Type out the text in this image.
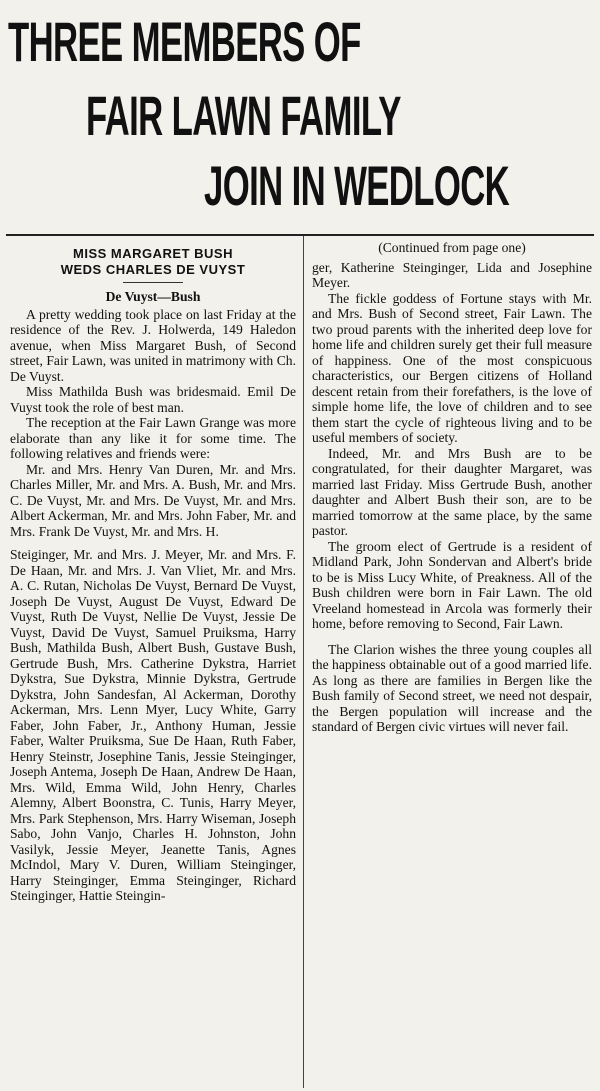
THREE MEMBERS OF
FAIR LAWN FAMILY
JOIN IN WEDLOCK
MISS MARGARET BUSH
WEDS CHARLES DE VUYST

De Vuyst—Bush

A pretty wedding took place on last Friday at the residence of the Rev. J. Holwerda, 149 Haledon avenue, when Miss Margaret Bush, of Second street, Fair Lawn, was united in matrimony with Ch. De Vuyst.

Miss Mathilda Bush was bridesmaid. Emil De Vuyst took the role of best man.

The reception at the Fair Lawn Grange was more elaborate than any like it for some time. The following relatives and friends were:

Mr. and Mrs. Henry Van Duren, Mr. and Mrs. Charles Miller, Mr. and Mrs. A. Bush, Mr. and Mrs. C. De Vuyst, Mr. and Mrs. De Vuyst, Mr. and Mrs. Albert Ackerman, Mr. and Mrs. John Faber, Mr. and Mrs. Frank De Vuyst, Mr. and Mrs. H.

Steiginger, Mr. and Mrs. J. Meyer, Mr. and Mrs. F. De Haan, Mr. and Mrs. J. Van Vliet, Mr. and Mrs. A. C. Rutan, Nicholas De Vuyst, Bernard De Vuyst, Joseph De Vuyst, August De Vuyst, Edward De Vuyst, Ruth De Vuyst, Nellie De Vuyst, Jessie De Vuyst, David De Vuyst, Samuel Pruiksma, Harry Bush, Mathilda Bush, Albert Bush, Gustave Bush, Gertrude Bush, Mrs. Catherine Dykstra, Harriet Dykstra, Sue Dykstra, Minnie Dykstra, Gertrude Dykstra, John Sandesfan, Al Ackerman, Dorothy Ackerman, Mrs. Lenn Myer, Lucy White, Garry Faber, John Faber, Jr., Anthony Human, Jessie Faber, Walter Pruiksma, Sue De Haan, Ruth Faber, Henry Steinstr, Josephine Tanis, Jessie Steinginger, Joseph Antema, Joseph De Haan, Andrew De Haan, Mrs. Wild, Emma Wild, John Henry, Charles Alemny, Albert Boonstra, C. Tunis, Harry Meyer, Mrs. Park Stephenson, Mrs. Harry Wiseman, Joseph Sabo, John Vanjo, Charles H. Johnston, John Vasilyk, Jessie Meyer, Jeanette Tanis, Agnes McIndol, Mary V. Duren, William Steinginger, Harry Steinginger, Emma Steinginger, Richard Steinginger, Hattie Steingin-

(Continued from page one)

ger, Katherine Steinginger, Lida and Josephine Meyer.

The fickle goddess of Fortune stays with Mr. and Mrs. Bush of Second street, Fair Lawn. The two proud parents with the inherited deep love for home life and children surely get their full measure of happiness. One of the most conspicuous characteristics, our Bergen citizens of Holland descent retain from their forefathers, is the love of simple home life, the love of children and to see them start the cycle of righteous living and to be useful members of society.

Indeed, Mr. and Mrs Bush are to be congratulated, for their daughter Margaret, was married last Friday. Miss Gertrude Bush, another daughter and Albert Bush their son, are to be married tomorrow at the same place, by the same pastor.

The groom elect of Gertrude is a resident of Midland Park, John Sondervan and Albert's bride to be is Miss Lucy White, of Preakness. All of the Bush children were born in Fair Lawn. The old Vreeland homestead in Arcola was formerly their home, before removing to Second, Fair Lawn.

The Clarion wishes the three young couples all the happiness obtainable out of a good married life. As long as there are families in Bergen like the Bush family of Second street, we need not despair, the Bergen population will increase and the standard of Bergen civic virtues will never fail.
